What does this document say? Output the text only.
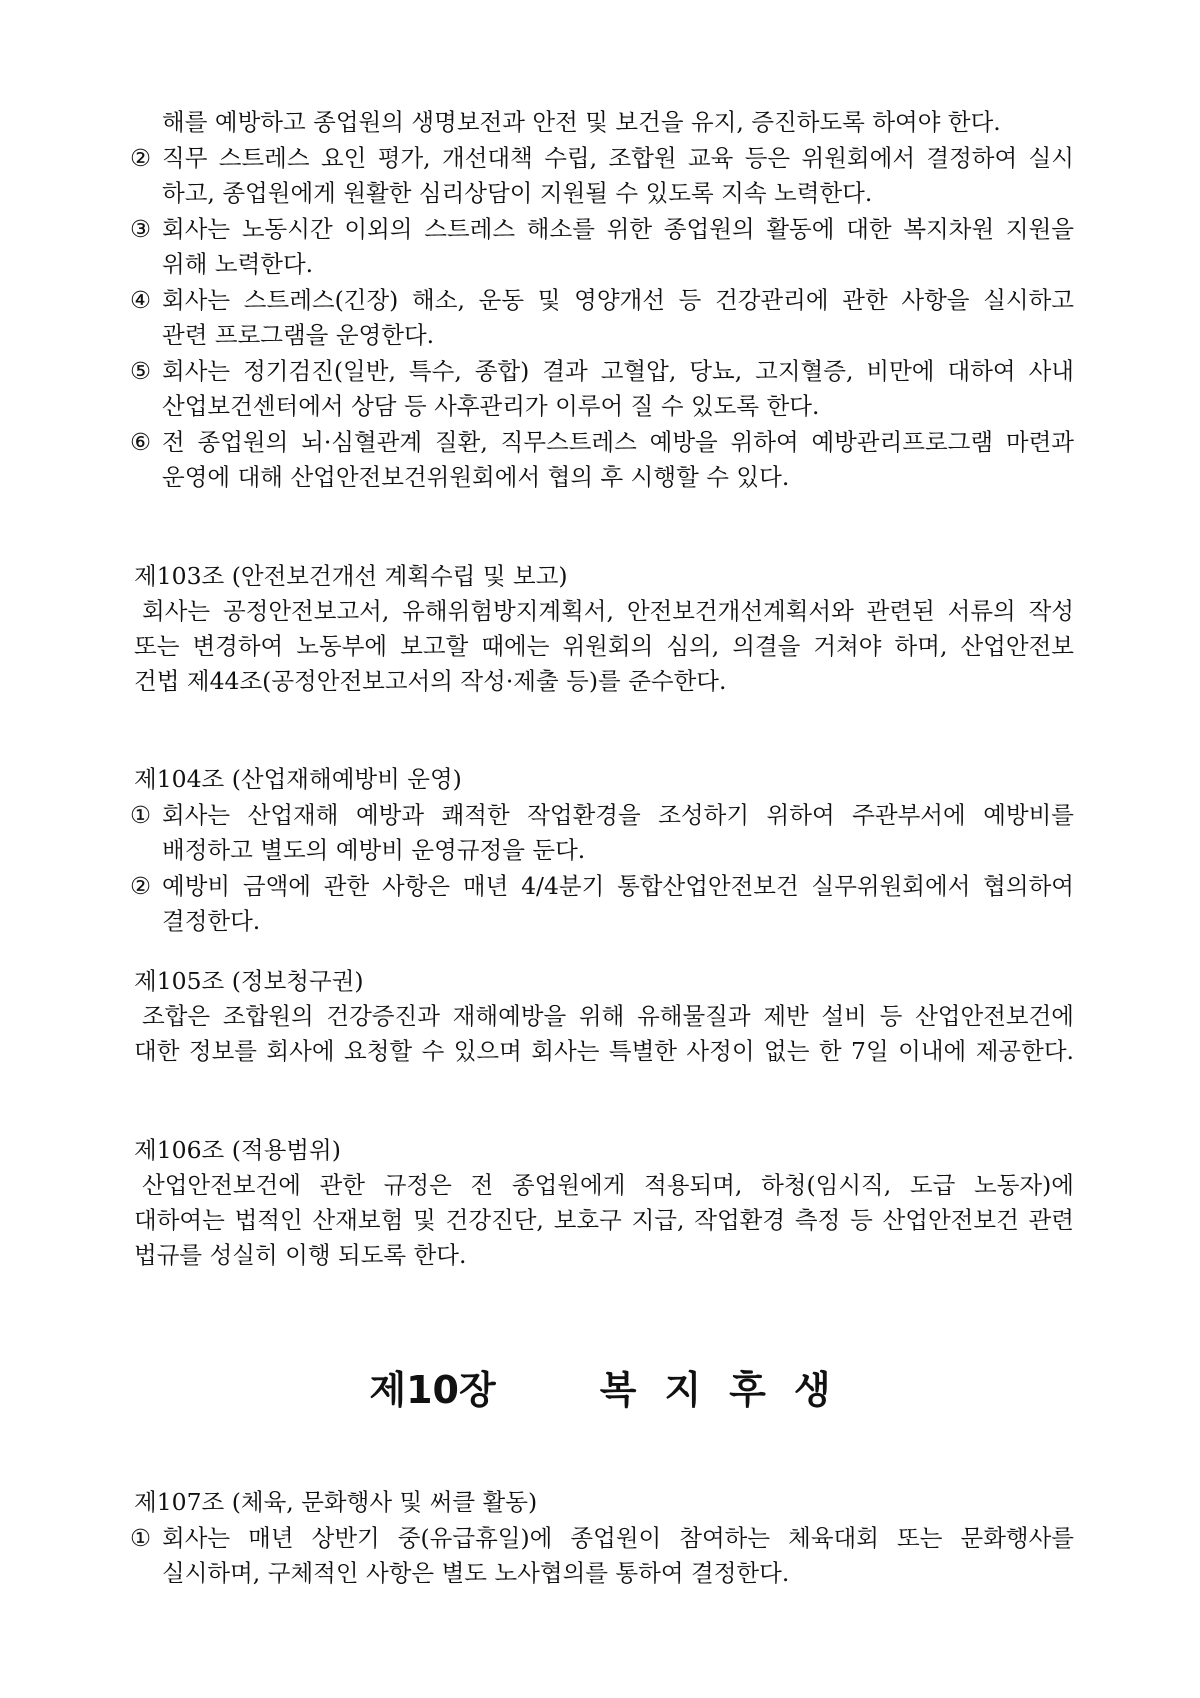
해를 예방하고 종업원의 생명보전과 안전 및 보건을 유지, 증진하도록 하여야 한다.
② 직무 스트레스 요인 평가, 개선대책 수립, 조합원 교육 등은 위원회에서 결정하여 실시
하고, 종업원에게 원활한 심리상담이 지원될 수 있도록 지속 노력한다.
③ 회사는 노동시간 이외의 스트레스 해소를 위한 종업원의 활동에 대한 복지차원 지원을
위해 노력한다.
④ 회사는 스트레스(긴장) 해소, 운동 및 영양개선 등 건강관리에 관한 사항을 실시하고
관련 프로그램을 운영한다.
⑤ 회사는 정기검진(일반, 특수, 종합) 결과 고혈압, 당뇨, 고지혈증, 비만에 대하여 사내
산업보건센터에서 상담 등 사후관리가 이루어 질 수 있도록 한다.
⑥ 전 종업원의 뇌·심혈관계 질환, 직무스트레스 예방을 위하여 예방관리프로그램 마련과
운영에 대해 산업안전보건위원회에서 협의 후 시행할 수 있다.
제103조 (안전보건개선 계획수립 및 보고)
회사는 공정안전보고서, 유해위험방지계획서, 안전보건개선계획서와 관련된 서류의 작성
또는 변경하여 노동부에 보고할 때에는 위원회의 심의, 의결을 거쳐야 하며, 산업안전보
건법 제44조(공정안전보고서의 작성·제출 등)를 준수한다.
제104조 (산업재해예방비 운영)
① 회사는 산업재해 예방과 쾌적한 작업환경을 조성하기 위하여 주관부서에 예방비를
배정하고 별도의 예방비 운영규정을 둔다.
② 예방비 금액에 관한 사항은 매년 4/4분기 통합산업안전보건 실무위원회에서 협의하여
결정한다.
제105조 (정보청구권)
조합은 조합원의 건강증진과 재해예방을 위해 유해물질과 제반 설비 등 산업안전보건에
대한 정보를 회사에 요청할 수 있으며 회사는 특별한 사정이 없는 한 7일 이내에 제공한다.
제106조 (적용범위)
산업안전보건에 관한 규정은 전 종업원에게 적용되며, 하청(임시직, 도급 노동자)에
대하여는 법적인 산재보험 및 건강진단, 보호구 지급, 작업환경 측정 등 산업안전보건 관련
법규를 성실히 이행 되도록 한다.
제10장	복 지 후 생
제107조 (체육, 문화행사 및 써클 활동)
① 회사는 매년 상반기 중(유급휴일)에 종업원이 참여하는 체육대회 또는 문화행사를
실시하며, 구체적인 사항은 별도 노사협의를 통하여 결정한다.
